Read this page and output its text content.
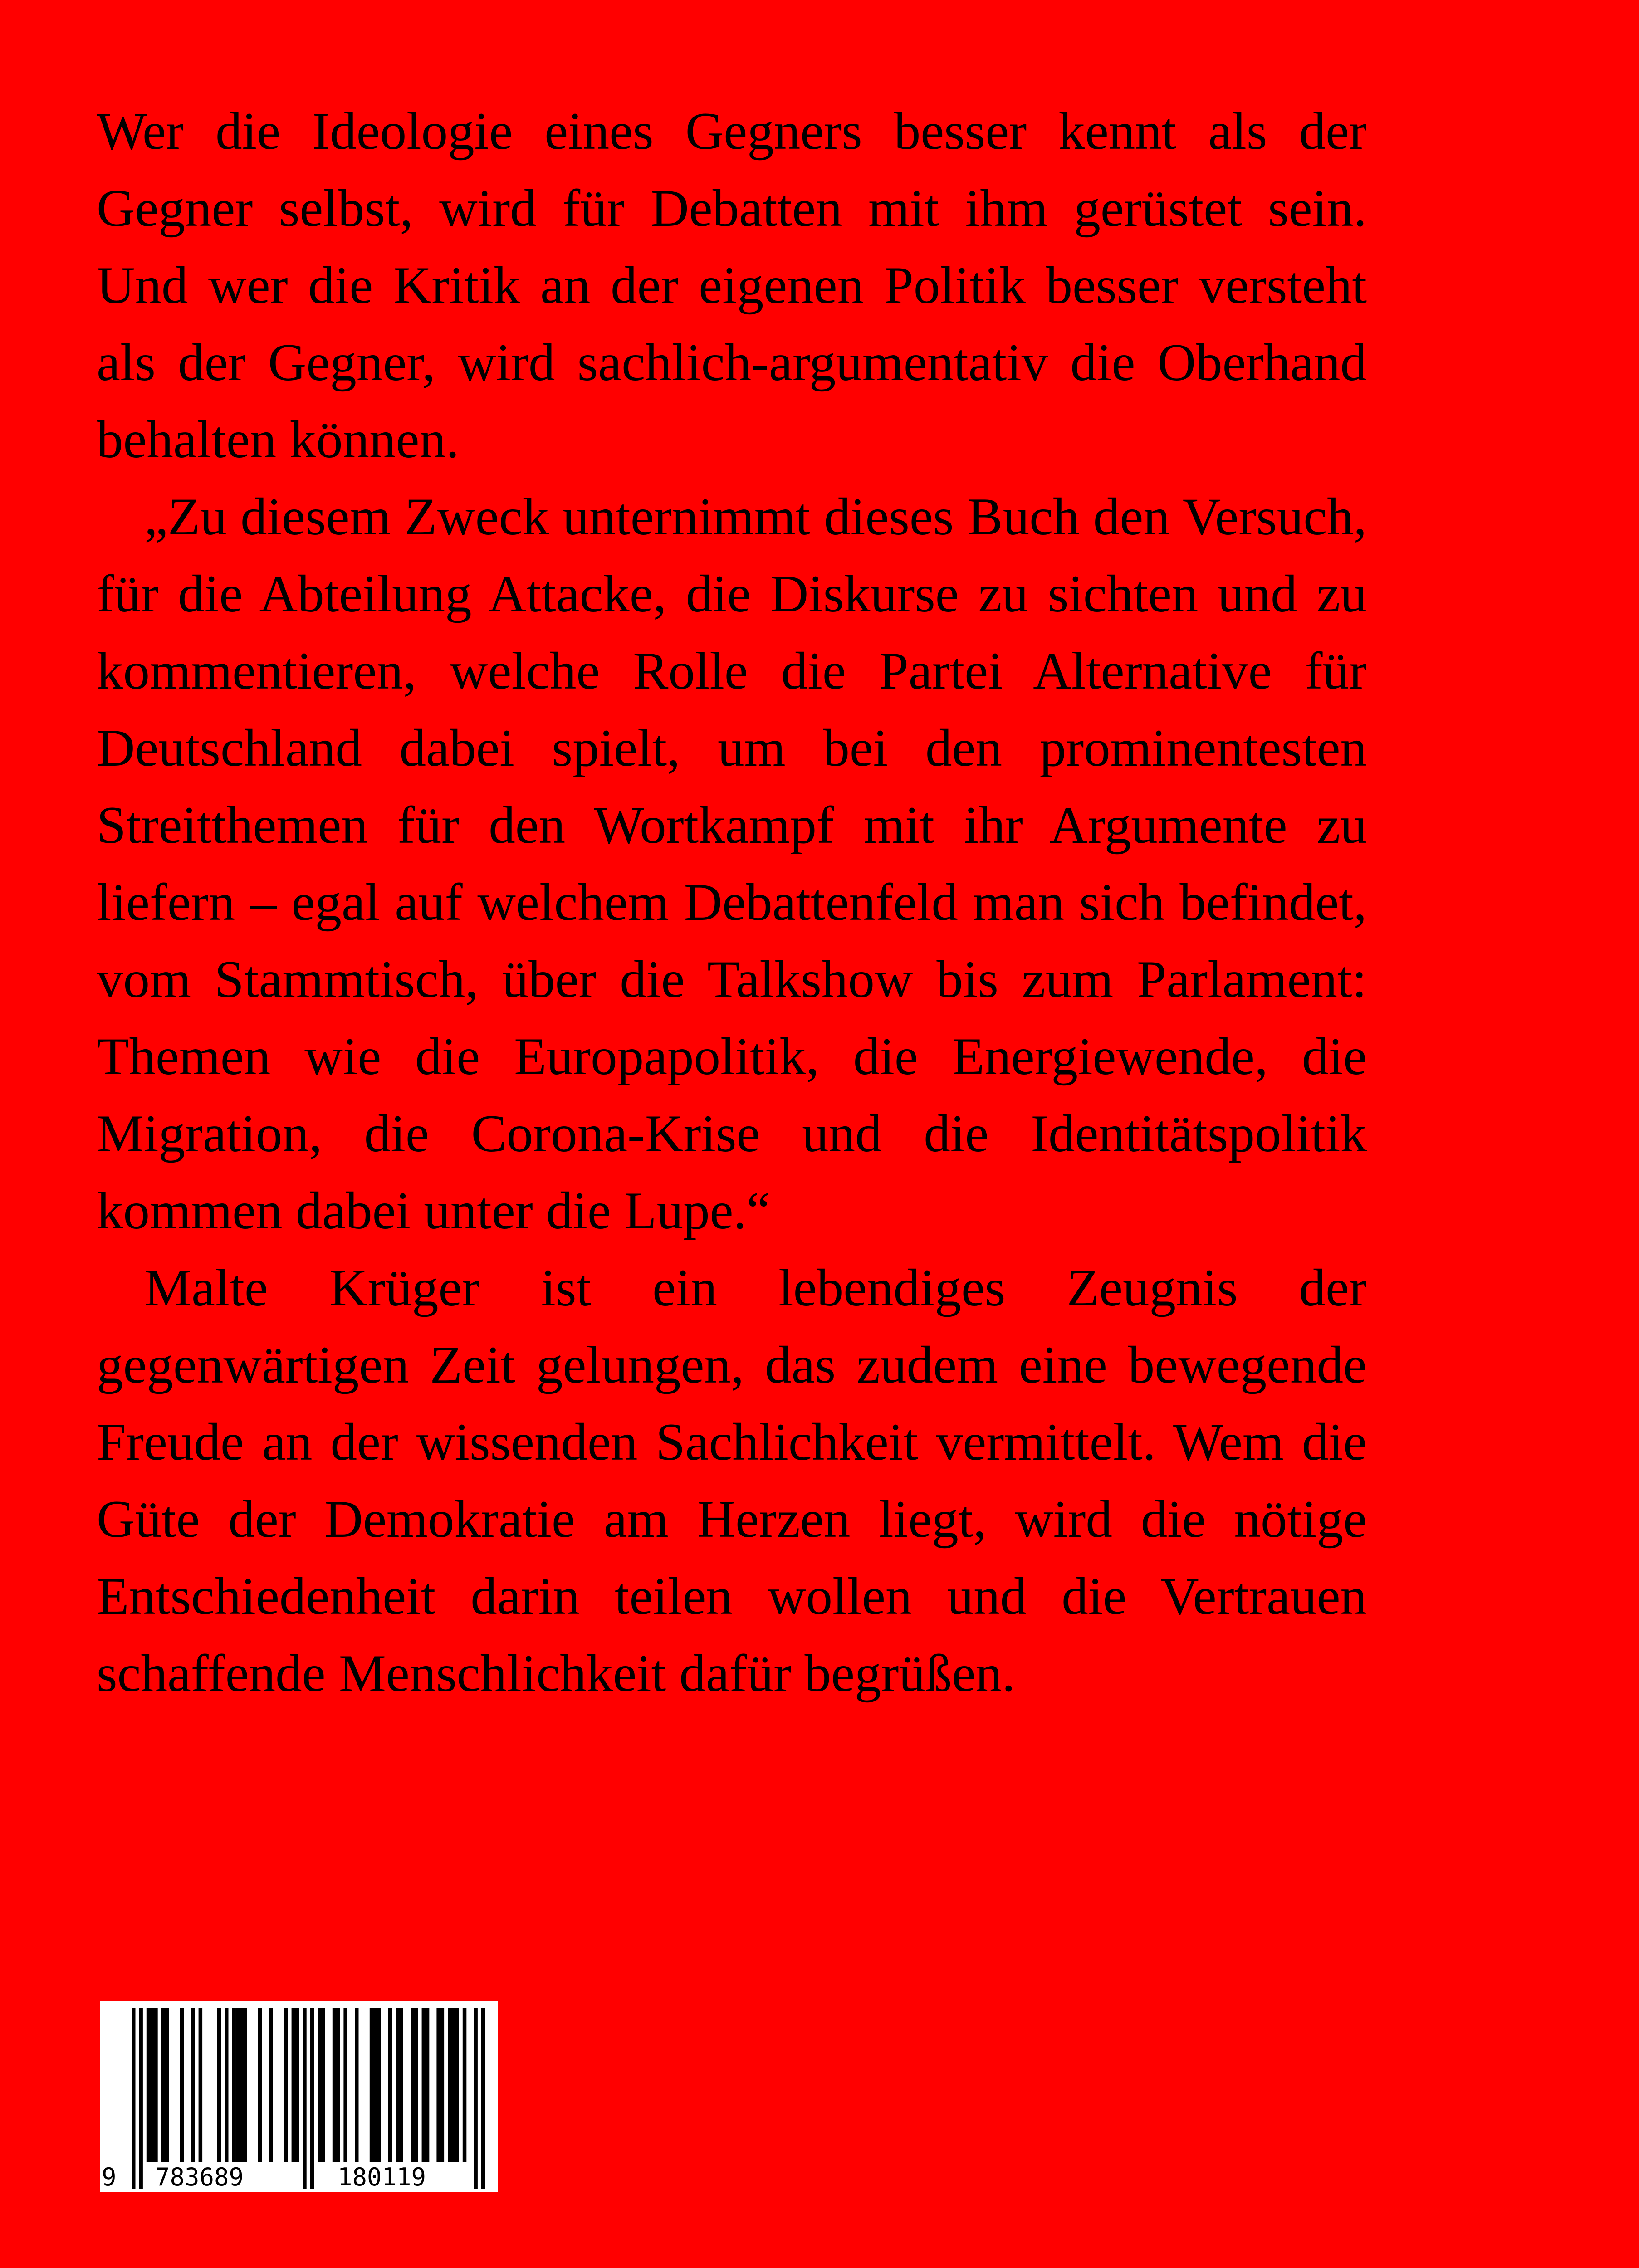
Wer die Ideologie eines Gegners besser kennt als der Gegner selbst, wird für Debatten mit ihm gerüstet sein. Und wer die Kritik an der eigenen Politik besser versteht als der Gegner, wird sachlich-argumentativ die Oberhand behalten können.

„Zu diesem Zweck unternimmt dieses Buch den Versuch, für die Abteilung Attacke, die Diskurse zu sichten und zu kommentieren, welche Rolle die Partei Alternative für Deutschland dabei spielt, um bei den prominentesten Streitthemen für den Wortkampf mit ihr Argumente zu liefern – egal auf welchem Debattenfeld man sich befindet, vom Stammtisch, über die Talkshow bis zum Parlament: Themen wie die Europapolitik, die Energiewende, die Migration, die Corona-Krise und die Identitätspolitik kommen dabei unter die Lupe.“

Malte Krüger ist ein lebendiges Zeugnis der gegenwärtigen Zeit gelungen, das zudem eine bewegende Freude an der wissenden Sachlichkeit vermittelt. Wem die Güte der Demokratie am Herzen liegt, wird die nötige Entschiedenheit darin teilen wollen und die Vertrauen schaffende Menschlichkeit dafür begrüßen.

9 783689	180119
